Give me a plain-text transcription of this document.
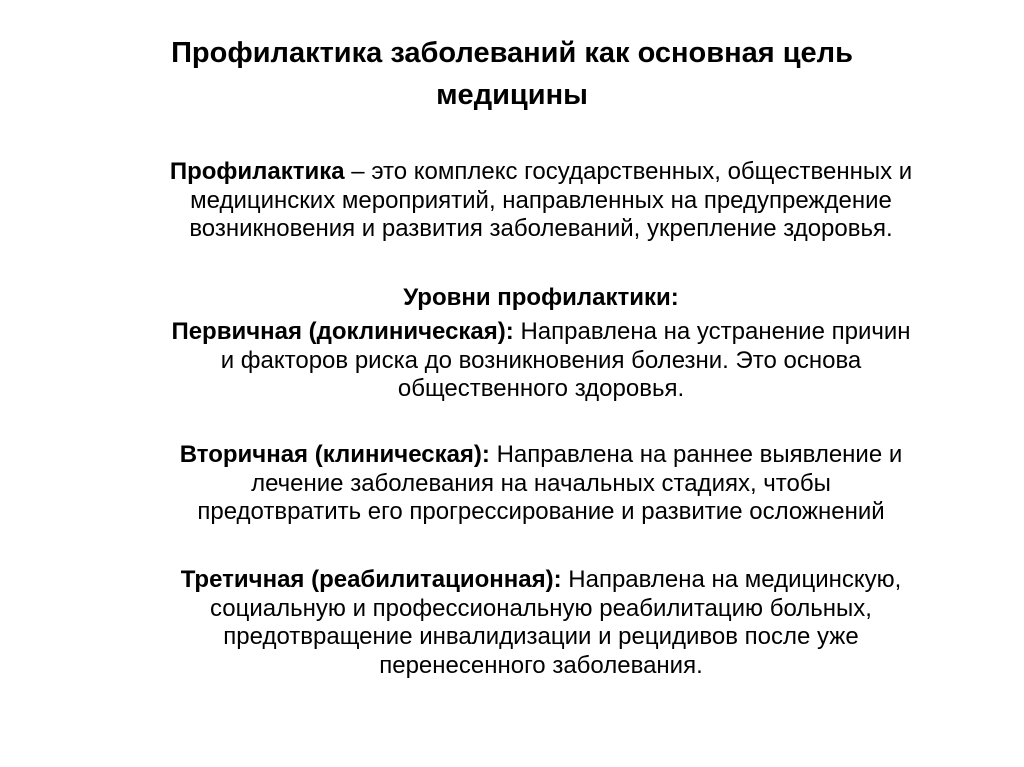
Профилактика заболеваний как основная цель
медицины

Профилактика – это комплекс государственных, общественных и
медицинских мероприятий, направленных на предупреждение
возникновения и развития заболеваний, укрепление здоровья.

Уровни профилактики:

Первичная (доклиническая): Направлена на устранение причин
и факторов риска до возникновения болезни. Это основа
общественного здоровья.

Вторичная (клиническая): Направлена на раннее выявление и
лечение заболевания на начальных стадиях, чтобы
предотвратить его прогрессирование и развитие осложнений

Третичная (реабилитационная): Направлена на медицинскую,
социальную и профессиональную реабилитацию больных,
предотвращение инвалидизации и рецидивов после уже
перенесенного заболевания.
